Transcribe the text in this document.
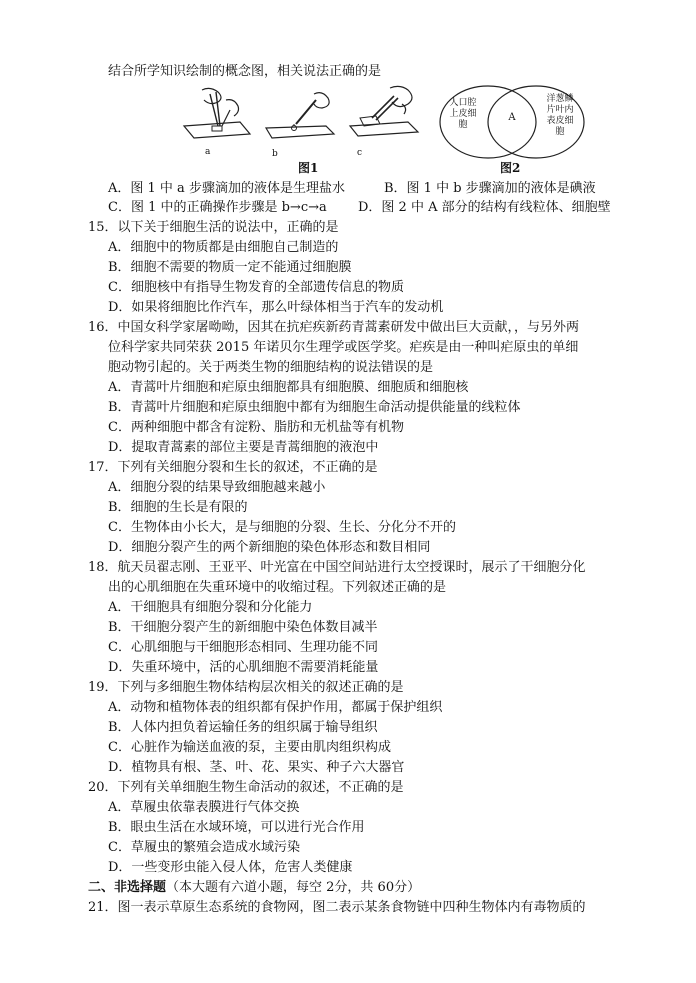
结合所学知识绘制的概念图，相关说法正确的是
a	b	c
图1
人口腔
上皮细
胞
A
洋葱鳞
片叶内
表皮细
胞
图2
A．图 1 中 a 步骤滴加的液体是生理盐水	B．图 1 中 b 步骤滴加的液体是碘液
C．图 1 中的正确操作步骤是 b→c→a D．图 2 中 A 部分的结构有线粒体、细胞壁
15．以下关于细胞生活的说法中，正确的是
A．细胞中的物质都是由细胞自己制造的
B．细胞不需要的物质一定不能通过细胞膜
C．细胞核中有指导生物发育的全部遗传信息的物质
D．如果将细胞比作汽车，那么叶绿体相当于汽车的发动机
16．中国女科学家屠呦呦，因其在抗疟疾新药青蒿素研发中做出巨大贡献，，与另外两
位科学家共同荣获 2015 年诺贝尔生理学或医学奖。疟疾是由一种叫疟原虫的单细
胞动物引起的。关于两类生物的细胞结构的说法错误的是
A．青蒿叶片细胞和疟原虫细胞都具有细胞膜、细胞质和细胞核
B．青蒿叶片细胞和疟原虫细胞中都有为细胞生命活动提供能量的线粒体
C．两种细胞中都含有淀粉、脂肪和无机盐等有机物
D．提取青蒿素的部位主要是青蒿细胞的液泡中
17．下列有关细胞分裂和生长的叙述，不正确的是
A．细胞分裂的结果导致细胞越来越小
B．细胞的生长是有限的
C．生物体由小长大，是与细胞的分裂、生长、分化分不开的
D．细胞分裂产生的两个新细胞的染色体形态和数目相同
18．航天员翟志刚、王亚平、叶光富在中国空间站进行太空授课时，展示了干细胞分化
出的心肌细胞在失重环境中的收缩过程。下列叙述正确的是
A．干细胞具有细胞分裂和分化能力
B．干细胞分裂产生的新细胞中染色体数目减半
C．心肌细胞与干细胞形态相同、生理功能不同
D．失重环境中，活的心肌细胞不需要消耗能量
19．下列与多细胞生物体结构层次相关的叙述正确的是
A．动物和植物体表的组织都有保护作用，都属于保护组织
B．人体内担负着运输任务的组织属于输导组织
C．心脏作为输送血液的泵，主要由肌肉组织构成
D．植物具有根、茎、叶、花、果实、种子六大器官
20．下列有关单细胞生物生命活动的叙述，不正确的是
A．草履虫依靠表膜进行气体交换
B．眼虫生活在水域环境，可以进行光合作用
C．草履虫的繁殖会造成水域污染
D．一些变形虫能入侵人体，危害人类健康
二、非选择题（本大题有六道小题，每空 2分，共 60分）
21．图一表示草原生态系统的食物网，图二表示某条食物链中四种生物体内有毒物质的
